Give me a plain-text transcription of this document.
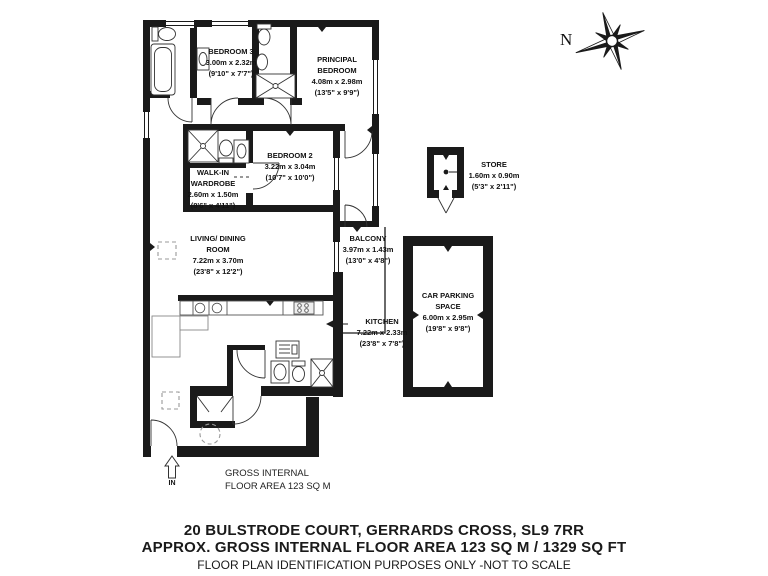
BEDROOM 3
3.00m x 2.32m
(9'10" x 7'7")
PRINCIPAL BEDROOM
4.08m x 2.98m
(13'5" x 9'9")
BEDROOM 2
3.22m x 3.04m
(10'7" x 10'0")
WALK-IN WARDROBE
2.60m x 1.50m
(8'6" x 4'11")
LIVING/ DINING ROOM
7.22m x 3.70m
(23'8" x 12'2")
BALCONY
3.97m x 1.43m
(13'0" x 4'8")
KITCHEN
7.22m x 2.33m
(23'8" x 7'8")
STORE
1.60m x 0.90m
(5'3" x 2'11")
CAR PARKING SPACE
6.00m x 2.95m
(19'8" x 9'8")
IN
GROSS INTERNAL
FLOOR AREA 123 SQ M
N
20 BULSTRODE COURT, GERRARDS CROSS, SL9 7RR
APPROX. GROSS INTERNAL FLOOR AREA 123 SQ M / 1329 SQ FT
FLOOR PLAN IDENTIFICATION PURPOSES ONLY -NOT TO SCALE
